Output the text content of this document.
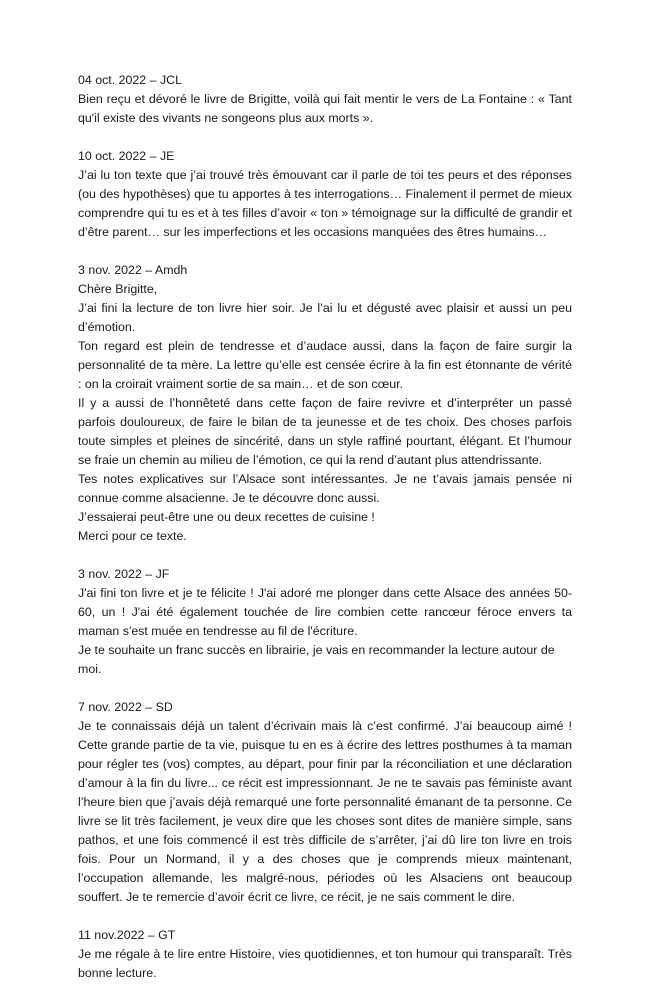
04 oct. 2022 – JCL

Bien reçu et dévoré le livre de Brigitte, voilà qui fait mentir le vers de La Fontaine : « Tant qu'il existe des vivants ne songeons plus aux morts ».

10 oct. 2022 – JE

J’ai lu ton texte que j’ai trouvé très émouvant car il parle de toi tes peurs et des réponses (ou des hypothèses) que tu apportes à tes interrogations… Finalement il permet de mieux comprendre qui tu es et à tes filles d’avoir « ton » témoignage sur la difficulté de grandir et d’être parent… sur les imperfections et les occasions manquées des êtres humains…

3 nov. 2022 – Amdh

Chère Brigitte,

J’ai fini la lecture de ton livre hier soir. Je l’ai lu et dégusté avec plaisir et aussi un peu d’émotion.

Ton regard est plein de tendresse et d’audace aussi, dans la façon de faire surgir la personnalité de ta mère. La lettre qu’elle est censée écrire à la fin est étonnante de vérité : on la croirait vraiment sortie de sa main… et de son cœur.

Il y a aussi de l’honnêteté dans cette façon de faire revivre et d’interpréter un passé parfois douloureux, de faire le bilan de ta jeunesse et de tes choix. Des choses parfois toute simples et pleines de sincérité, dans un style raffiné pourtant, élégant. Et l’humour se fraie un chemin au milieu de l’émotion, ce qui la rend d’autant plus attendrissante.

Tes notes explicatives sur l’Alsace sont intéressantes. Je ne t’avais jamais pensée ni connue comme alsacienne. Je te découvre donc aussi.

J’essaierai peut-être une ou deux recettes de cuisine !

Merci pour ce texte.

3 nov. 2022 – JF

J'ai fini ton livre et je te félicite ! J'ai adoré me plonger dans cette Alsace des années 50-60, un ! J'ai été également touchée de lire combien cette rancœur féroce envers ta maman s'est muée en tendresse au fil de l'écriture.

Je te souhaite un franc succès en librairie, je vais en recommander la lecture autour de moi.

7 nov. 2022 – SD

Je te connaissais déjà un talent d’écrivain mais là c’est confirmé. J’ai beaucoup aimé ! Cette grande partie de ta vie, puisque tu en es à écrire des lettres posthumes à ta maman pour régler tes (vos) comptes, au départ, pour finir par la réconciliation et une déclaration d’amour à la fin du livre... ce récit est impressionnant. Je ne te savais pas féministe avant l’heure bien que j’avais déjà remarqué une forte personnalité émanant de ta personne. Ce livre se lit très facilement, je veux dire que les choses sont dites de manière simple, sans pathos, et une fois commencé il est très difficile de s’arrêter, j’ai dû lire ton livre en trois fois. Pour un Normand, il y a des choses que je comprends mieux maintenant, l’occupation allemande, les malgré-nous, périodes où les Alsaciens ont beaucoup souffert. Je te remercie d’avoir écrit ce livre, ce récit, je ne sais comment le dire.

11 nov.2022 – GT

Je me régale à te lire entre Histoire, vies quotidiennes, et ton humour qui transparaît. Très bonne lecture.
